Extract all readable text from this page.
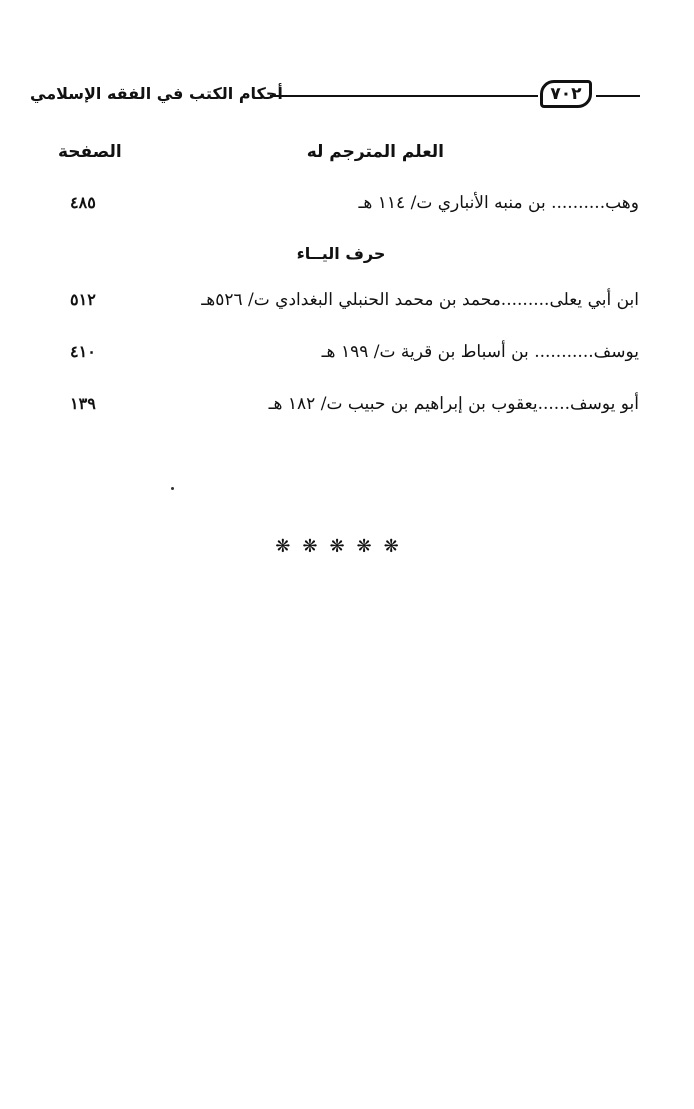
٧٠٢
أحكام الكتب في الفقه الإسلامي
العلم المترجم له
الصفحة
وهب.......... بن منبه الأنباري ت/ ١١٤ هـ
٤٨٥
حرف اليــاء
ابن أبي يعلى.........محمد بن محمد الحنبلي البغدادي ت/ ٥٢٦هـ
٥١٢
يوسف........... بن أسباط بن قرية ت/ ١٩٩ هـ
٤١٠
أبو يوسف......يعقوب بن إبراهيم بن حبيب ت/ ١٨٢ هـ
١٣٩
❋❋❋❋❋
